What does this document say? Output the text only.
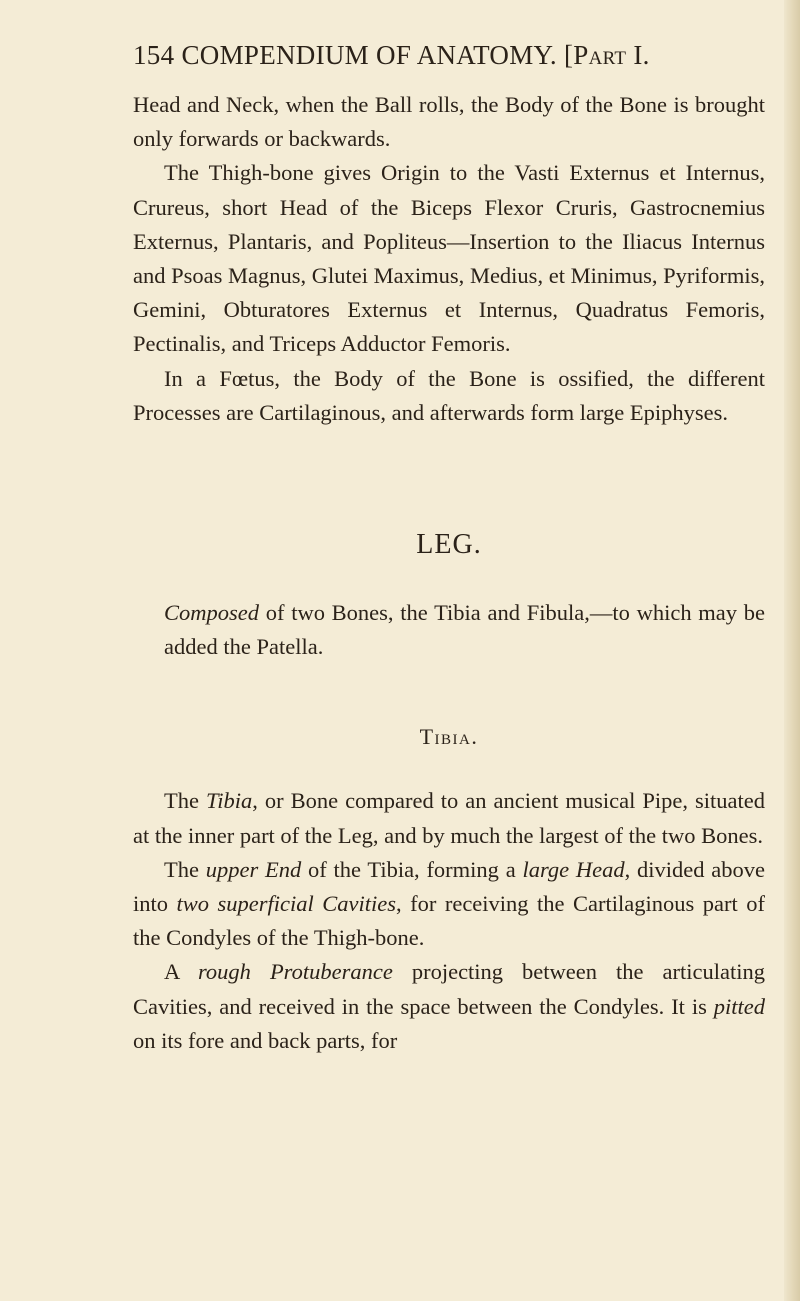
154 COMPENDIUM OF ANATOMY. [Part I.

Head and Neck, when the Ball rolls, the Body of the Bone is brought only forwards or backwards.

The Thigh-bone gives Origin to the Vasti Externus et Internus, Crureus, short Head of the Biceps Flexor Cruris, Gastrocnemius Externus, Plantaris, and Popliteus—Insertion to the Iliacus Internus and Psoas Magnus, Glutei Maximus, Medius, et Minimus, Pyriformis, Gemini, Obturatores Externus et Internus, Quadratus Femoris, Pectinalis, and Triceps Adductor Femoris.

In a Fœtus, the Body of the Bone is ossified, the different Processes are Cartilaginous, and afterwards form large Epiphyses.

LEG.

Composed of two Bones, the Tibia and Fibula,—to which may be added the Patella.

Tibia.

The Tibia, or Bone compared to an ancient musical Pipe, situated at the inner part of the Leg, and by much the largest of the two Bones.

The upper End of the Tibia, forming a large Head, divided above into two superficial Cavities, for receiving the Cartilaginous part of the Condyles of the Thigh-bone.

A rough Protuberance projecting between the articulating Cavities, and received in the space between the Condyles. It is pitted on its fore and back parts, for
